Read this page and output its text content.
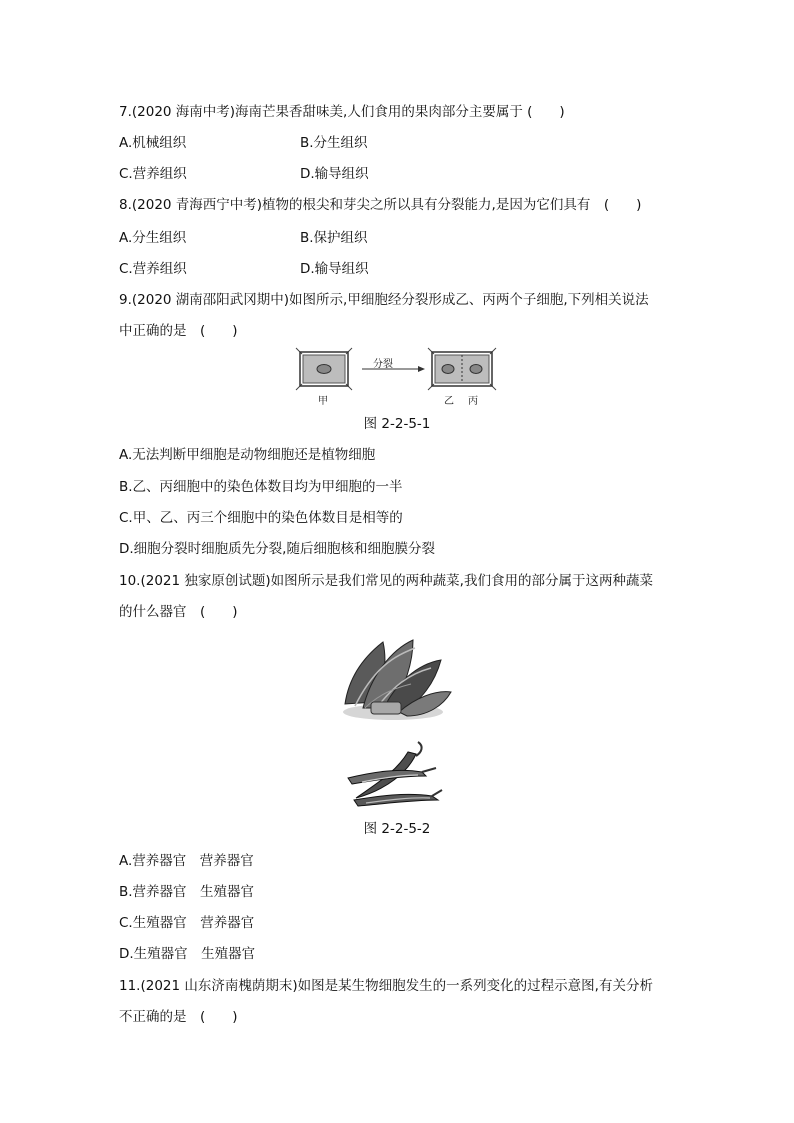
7.(2020 海南中考)海南芒果香甜味美,人们食用的果肉部分主要属于 (　　)
A.机械组织	B.分生组织
C.营养组织	D.输导组织
8.(2020 青海西宁中考)植物的根尖和芽尖之所以具有分裂能力,是因为它们具有　(　　)
A.分生组织	B.保护组织
C.营养组织	D.输导组织
9.(2020 湖南邵阳武冈期中)如图所示,甲细胞经分裂形成乙、丙两个子细胞,下列相关说法
中正确的是　(　　)
分裂
甲	乙 丙
图 2-2-5-1
A.无法判断甲细胞是动物细胞还是植物细胞
B.乙、丙细胞中的染色体数目均为甲细胞的一半
C.甲、乙、丙三个细胞中的染色体数目是相等的
D.细胞分裂时细胞质先分裂,随后细胞核和细胞膜分裂
10.(2021 独家原创试题)如图所示是我们常见的两种蔬菜,我们食用的部分属于这两种蔬菜
的什么器官　(　　)
图 2-2-5-2
A.营养器官　营养器官
B.营养器官　生殖器官
C.生殖器官　营养器官
D.生殖器官　生殖器官
11.(2021 山东济南槐荫期末)如图是某生物细胞发生的一系列变化的过程示意图,有关分析
不正确的是　(　　)
